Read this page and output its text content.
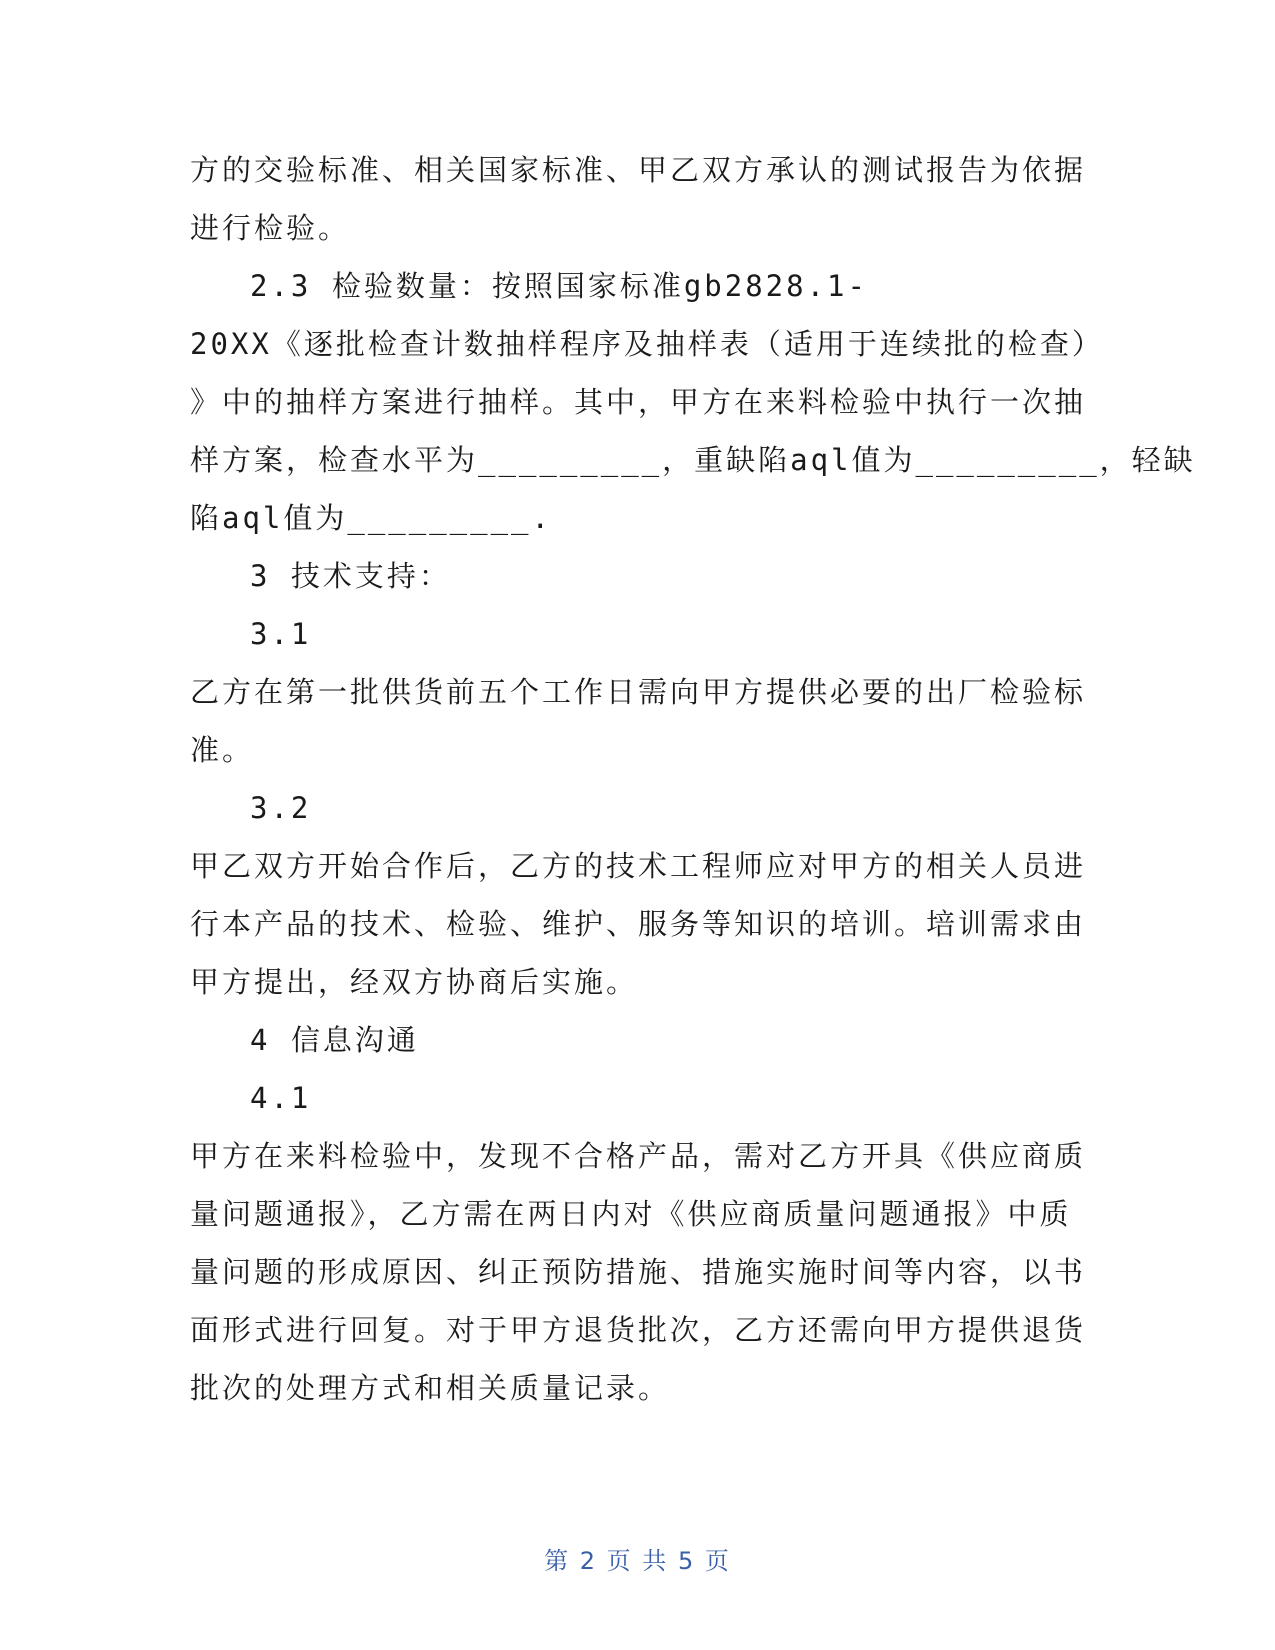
方的交验标准、相关国家标准、甲乙双方承认的测试报告为依据
进行检验。
2.3 检验数量：按照国家标准gb2828.1-
20XX《逐批检查计数抽样程序及抽样表（适用于连续批的检查）
》中的抽样方案进行抽样。其中，甲方在来料检验中执行一次抽
样方案，检查水平为_________，重缺陷aql值为_________，轻缺
陷aql值为_________.
3 技术支持：
3.1
乙方在第一批供货前五个工作日需向甲方提供必要的出厂检验标
准。
3.2
甲乙双方开始合作后，乙方的技术工程师应对甲方的相关人员进
行本产品的技术、检验、维护、服务等知识的培训。培训需求由
甲方提出，经双方协商后实施。
4 信息沟通
4.1
甲方在来料检验中，发现不合格产品，需对乙方开具《供应商质
量问题通报》，乙方需在两日内对《供应商质量问题通报》中质
量问题的形成原因、纠正预防措施、措施实施时间等内容，以书
面形式进行回复。对于甲方退货批次，乙方还需向甲方提供退货
批次的处理方式和相关质量记录。
第 2 页 共 5 页
